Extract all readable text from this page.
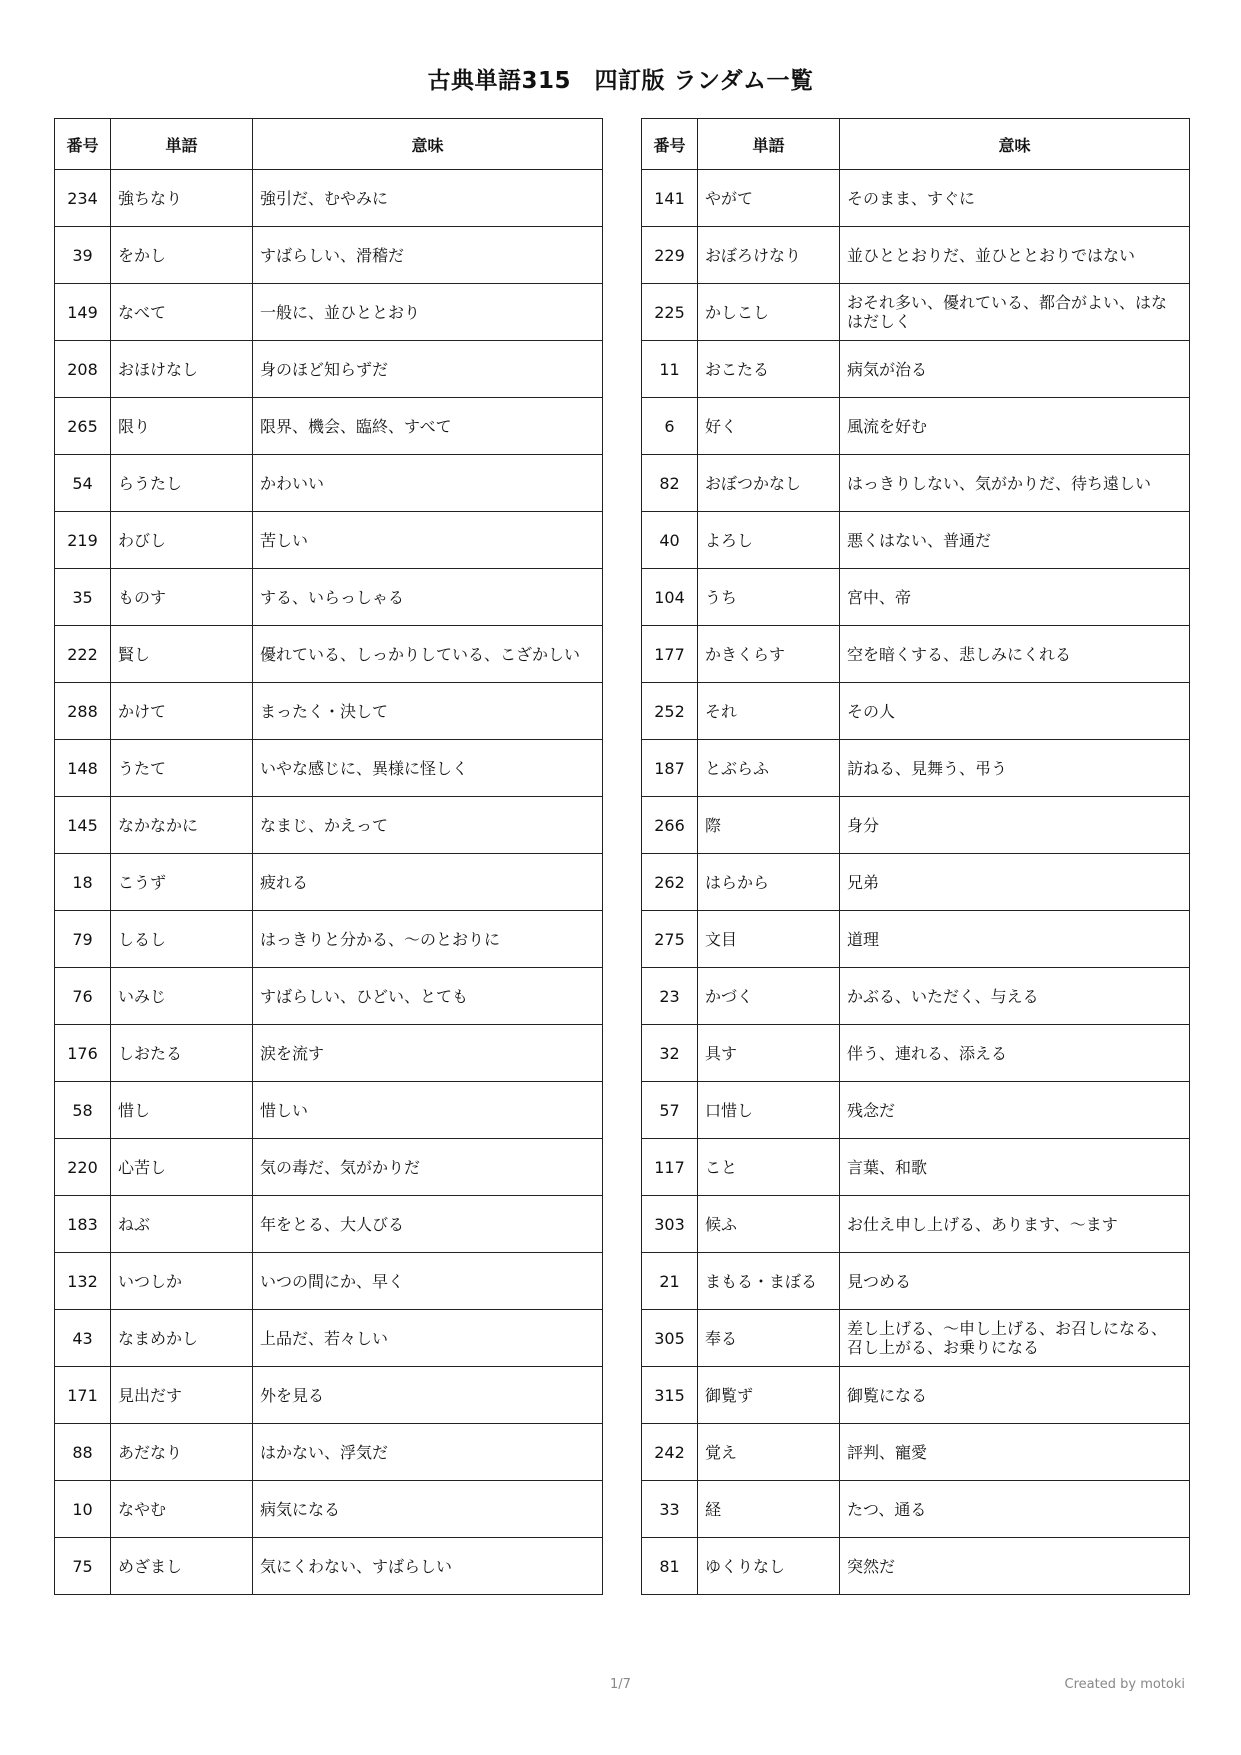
古典単語315　四訂版 ランダム一覧
番号	単語	意味
234	強ちなり	強引だ、むやみに
39	をかし	すばらしい、滑稽だ
149	なべて	一般に、並ひととおり
208	おほけなし	身のほど知らずだ
265	限り	限界、機会、臨終、すべて
54	らうたし	かわいい
219	わびし	苦しい
35	ものす	する、いらっしゃる
222	賢し	優れている、しっかりしている、こざかしい
288	かけて	まったく・決して
148	うたて	いやな感じに、異様に怪しく
145	なかなかに	なまじ、かえって
18	こうず	疲れる
79	しるし	はっきりと分かる、〜のとおりに
76	いみじ	すばらしい、ひどい、とても
176	しおたる	涙を流す
58	惜し	惜しい
220	心苦し	気の毒だ、気がかりだ
183	ねぶ	年をとる、大人びる
132	いつしか	いつの間にか、早く
43	なまめかし	上品だ、若々しい
171	見出だす	外を見る
88	あだなり	はかない、浮気だ
10	なやむ	病気になる
75	めざまし	気にくわない、すばらしい
番号	単語	意味
141	やがて	そのまま、すぐに
229	おぼろけなり	並ひととおりだ、並ひととおりではない
225	かしこし	おそれ多い、優れている、都合がよい、はなはだしく
11	おこたる	病気が治る
6	好く	風流を好む
82	おぼつかなし	はっきりしない、気がかりだ、待ち遠しい
40	よろし	悪くはない、普通だ
104	うち	宮中、帝
177	かきくらす	空を暗くする、悲しみにくれる
252	それ	その人
187	とぶらふ	訪ねる、見舞う、弔う
266	際	身分
262	はらから	兄弟
275	文目	道理
23	かづく	かぶる、いただく、与える
32	具す	伴う、連れる、添える
57	口惜し	残念だ
117	こと	言葉、和歌
303	候ふ	お仕え申し上げる、あります、〜ます
21	まもる・まぼる	見つめる
305	奉る	差し上げる、〜申し上げる、お召しになる、召し上がる、お乗りになる
315	御覧ず	御覧になる
242	覚え	評判、寵愛
33	経	たつ、通る
81	ゆくりなし	突然だ
1/7	Created by motoki
